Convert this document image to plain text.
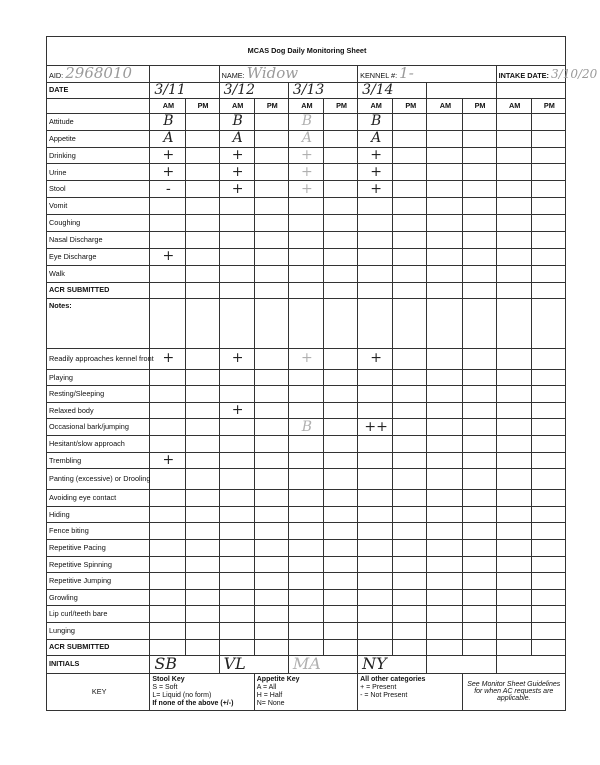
MCAS Dog Daily Monitoring Sheet												
AID: 2968010			NAME: Widow				KENNEL #: 1-				INTAKE DATE: 3/10/20	
DATE	3/11		3/12		3/13		3/14					
	AM	PM	AM	PM	AM	PM	AM	PM	AM	PM	AM	PM
Attitude	B		B		B		B					
Appetite	A		A		A		A					
Drinking	+		+		+		+					
Urine	+		+		+		+					
Stool	-		+		+		+					
Vomit												
Coughing												
Nasal Discharge												
Eye Discharge	+											
Walk												
ACR SUBMITTED												
Notes:												
Readily approaches kennel front	+		+		+		+					
Playing												
Resting/Sleeping												
Relaxed body			+									
Occasional bark/jumping					B		++					
Hesitant/slow approach												
Trembling	+											
Panting (excessive) or Drooling												
Avoiding eye contact												
Hiding												
Fence biting												
Repetitive Pacing												
Repetitive Spinning												
Repetitive Jumping												
Growling												
Lip curl/teeth bare												
Lunging												
ACR SUBMITTED												
INITIALS	SB		VL		MA		NY					
KEY	Stool Key
S = Soft
L= Liquid (no form)
If none of the above (+/-)			Appetite Key
A = All
H = Half
N= None			All other categories
+ = Present
- = Not Present			See Monitor Sheet Guidelines for when AC requests are applicable.		
